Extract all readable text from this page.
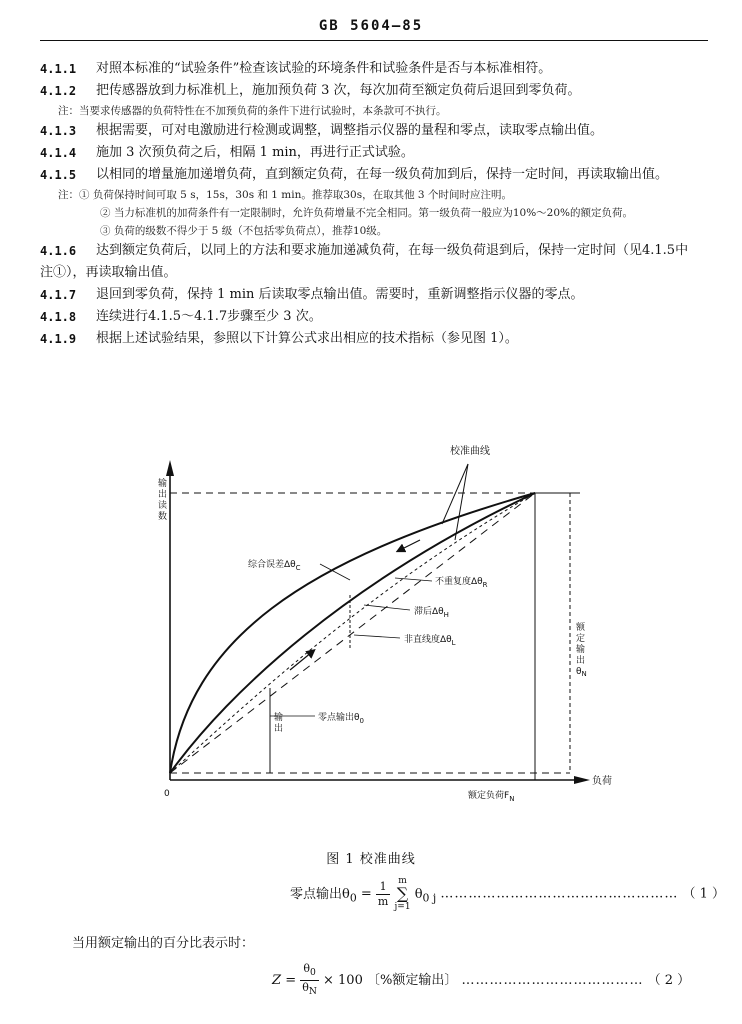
GB 5604—85
4.1.1	对照本标准的“试验条件”检查该试验的环境条件和试验条件是否与本标准相符。
4.1.2	把传感器放到力标准机上，施加预负荷 3 次，每次加荷至额定负荷后退回到零负荷。
注：当要求传感器的负荷特性在不加预负荷的条件下进行试验时，本条款可不执行。
4.1.3	根据需要，可对电激励进行检测或调整，调整指示仪器的量程和零点，读取零点输出值。
4.1.4	施加 3 次预负荷之后，相隔 1 min，再进行正式试验。
4.1.5	以相同的增量施加递增负荷，直到额定负荷，在每一级负荷加到后，保持一定时间，再读取输出值。
注：① 负荷保持时间可取 5 s，15s，30s 和 1 min。推荐取30s，在取其他 3 个时间时应注明。
② 当力标准机的加荷条件有一定限制时，允许负荷增量不完全相同。第一级负荷一般应为10%～20%的额定负荷。
③ 负荷的级数不得少于 5 级（不包括零负荷点），推荐10级。
4.1.6	达到额定负荷后，以同上的方法和要求施加递减负荷，在每一级负荷退到后，保持一定时间（见4.1.5中注①），再读取输出值。
4.1.7	退回到零负荷，保持 1 min 后读取零点输出值。需要时，重新调整指示仪器的零点。
4.1.8	连续进行4.1.5～4.1.7步骤至少 3 次。
4.1.9	根据上述试验结果，参照以下计算公式求出相应的技术指标（参见图 1）。
校准曲线
输出读数
负荷
0
综合误差$\Delta\theta_C$
不重复度$\Delta\theta_R$
滞后$\Delta\theta_H$
非直线度$\Delta\theta_L$
输出
零点输出$\theta_0$
额定负荷$F_N$
额定输出 $\theta_N$
图 1 校准曲线
零点输出$\theta_0 = \frac{1}{m}$ m
∑
j=1 $\theta_{0 j}$ …………………………………………… （ 1 ）
当用额定输出的百分比表示时：
$Z = \frac{\theta_0}{\theta_N} \times 100$ 〔%额定输出〕 ………………………………… （ 2 ）
